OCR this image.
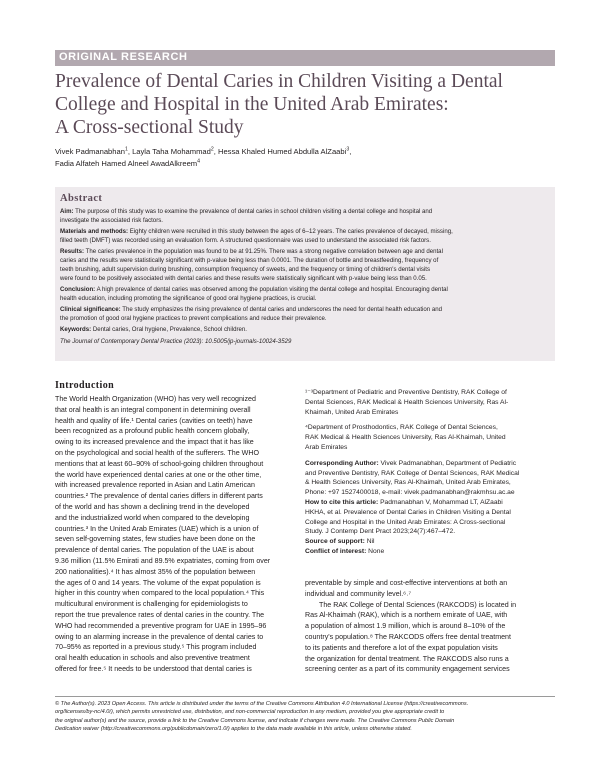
ORIGINAL RESEARCH
Prevalence of Dental Caries in Children Visiting a Dental
College and Hospital in the United Arab Emirates:
A Cross-sectional Study
Vivek Padmanabhan$^1$, Layla Taha Mohammad$^2$, Hessa Khaled Humed Abdulla AlZaabi$^3$,
Fadia Alfateh Hamed Alneel AwadAlkreem$^4$
Abstract
Aim: The purpose of this study was to examine the prevalence of dental caries in school children visiting a dental college and hospital and
investigate the associated risk factors.
Materials and methods: Eighty children were recruited in this study between the ages of 6–12 years. The caries prevalence of decayed, missing,
filled teeth (DMFT) was recorded using an evaluation form. A structured questionnaire was used to understand the associated risk factors.
Results: The caries prevalence in the population was found to be at 91.25%. There was a strong negative correlation between age and dental
caries and the results were statistically significant with p-value being less than 0.0001. The duration of bottle and breastfeeding, frequency of
teeth brushing, adult supervision during brushing, consumption frequency of sweets, and the frequency or timing of children's dental visits
were found to be positively associated with dental caries and these results were statistically significant with p-value being less than 0.05.
Conclusion: A high prevalence of dental caries was observed among the population visiting the dental college and hospital. Encouraging dental
health education, including promoting the significance of good oral hygiene practices, is crucial.
Clinical significance: The study emphasizes the rising prevalence of dental caries and underscores the need for dental health education and
the promotion of good oral hygiene practices to prevent complications and reduce their prevalence.
Keywords: Dental caries, Oral hygiene, Prevalence, School children.
The Journal of Contemporary Dental Practice (2023): 10.5005/jp-journals-10024-3529
Introduction
The World Health Organization (WHO) has very well recognized
that oral health is an integral component in determining overall
health and quality of life.¹ Dental caries (cavities on teeth) have
been recognized as a profound public health concern globally,
owing to its increased prevalence and the impact that it has like
on the psychological and social health of the sufferers. The WHO
mentions that at least 60–90% of school-going children throughout
the world have experienced dental caries at one or the other time,
with increased prevalence reported in Asian and Latin American
countries.² The prevalence of dental caries differs in different parts
of the world and has shown a declining trend in the developed
and the industrialized world when compared to the developing
countries.³ In the United Arab Emirates (UAE) which is a union of
seven self-governing states, few studies have been done on the
prevalence of dental caries. The population of the UAE is about
9.36 million (11.5% Emirati and 89.5% expatriates, coming from over
200 nationalities).⁴ It has almost 35% of the population between
the ages of 0 and 14 years. The volume of the expat population is
higher in this country when compared to the local population.⁴ This
multicultural environment is challenging for epidemiologists to
report the true prevalence rates of dental caries in the country. The
WHO had recommended a preventive program for UAE in 1995–96
owing to an alarming increase in the prevalence of dental caries to
70–95% as reported in a previous study.⁵ This program included
oral health education in schools and also preventive treatment
offered for free.⁵ It needs to be understood that dental caries is
¹⁻³Department of Pediatric and Preventive Dentistry, RAK College of
Dental Sciences, RAK Medical & Health Sciences University, Ras Al-
Khaimah, United Arab Emirates
⁴Department of Prosthodontics, RAK College of Dental Sciences,
RAK Medical & Health Sciences University, Ras Al-Khaimah, United
Arab Emirates
Corresponding Author: Vivek Padmanabhan, Department of Pediatric
and Preventive Dentistry, RAK College of Dental Sciences, RAK Medical
& Health Sciences University, Ras Al-Khaimah, United Arab Emirates,
Phone: +97 1527400018, e-mail: vivek.padmanabhan@rakmhsu.ac.ae
How to cite this article: Padmanabhan V, Mohammad LT, AlZaabi
HKHA, et al. Prevalence of Dental Caries in Children Visiting a Dental
College and Hospital in the United Arab Emirates: A Cross-sectional
Study. J Contemp Dent Pract 2023;24(7):467–472.
Source of support: Nil
Conflict of interest: None
preventable by simple and cost-effective interventions at both an
individual and community level.⁶˒⁷
The RAK College of Dental Sciences (RAKCODS) is located in
Ras Al-Khaimah (RAK), which is a northern emirate of UAE, with
a population of almost 1.9 million, which is around 8–10% of the
country's population.⁸ The RAKCODS offers free dental treatment
to its patients and therefore a lot of the expat population visits
the organization for dental treatment. The RAKCODS also runs a
screening center as a part of its community engagement services
© The Author(s). 2023 Open Access. This article is distributed under the terms of the Creative Commons Attribution 4.0 International License (https://creativecommons.
org/licenses/by-nc/4.0/), which permits unrestricted use, distribution, and non-commercial reproduction in any medium, provided you give appropriate credit to
the original author(s) and the source, provide a link to the Creative Commons license, and indicate if changes were made. The Creative Commons Public Domain
Dedication waiver (http://creativecommons.org/publicdomain/zero/1.0/) applies to the data made available in this article, unless otherwise stated.
